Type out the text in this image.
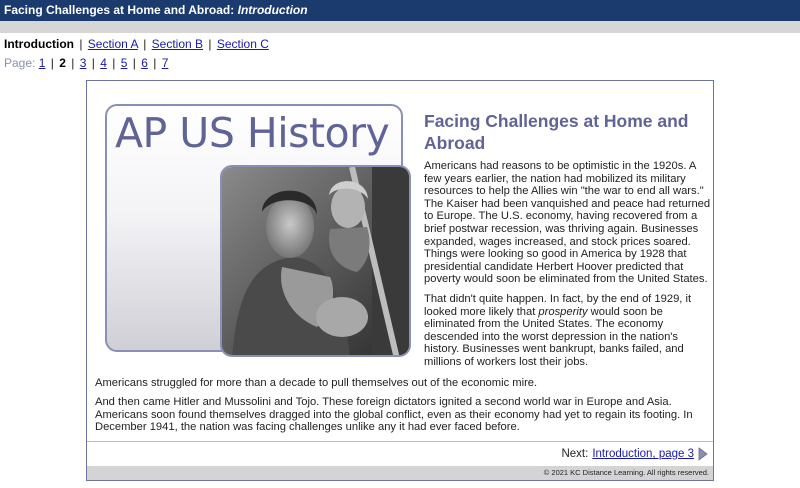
Facing Challenges at Home and Abroad: Introduction
Introduction | Section A | Section B | Section C
Page: 1 | 2 | 3 | 4 | 5 | 6 | 7
AP US History Facing Challenges at Home and Abroad

Americans had reasons to be optimistic in the 1920s. A few years earlier, the nation had mobilized its military resources to help the Allies win "the war to end all wars." The Kaiser had been vanquished and peace had returned to Europe. The U.S. economy, having recovered from a brief postwar recession, was thriving again. Businesses expanded, wages increased, and stock prices soared. Things were looking so good in America by 1928 that presidential candidate Herbert Hoover predicted that poverty would soon be eliminated from the United States.

That didn't quite happen. In fact, by the end of 1929, it looked more likely that prosperity would soon be eliminated from the United States. The economy descended into the worst depression in the nation's history. Businesses went bankrupt, banks failed, and millions of workers lost their jobs.

Americans struggled for more than a decade to pull themselves out of the economic mire.

And then came Hitler and Mussolini and Tojo. These foreign dictators ignited a second world war in Europe and Asia. Americans soon found themselves dragged into the global conflict, even as their economy had yet to regain its footing. In December 1941, the nation was facing challenges unlike any it had ever faced before.

Next: Introduction, page 3
© 2021 KC Distance Learning. All rights reserved.
